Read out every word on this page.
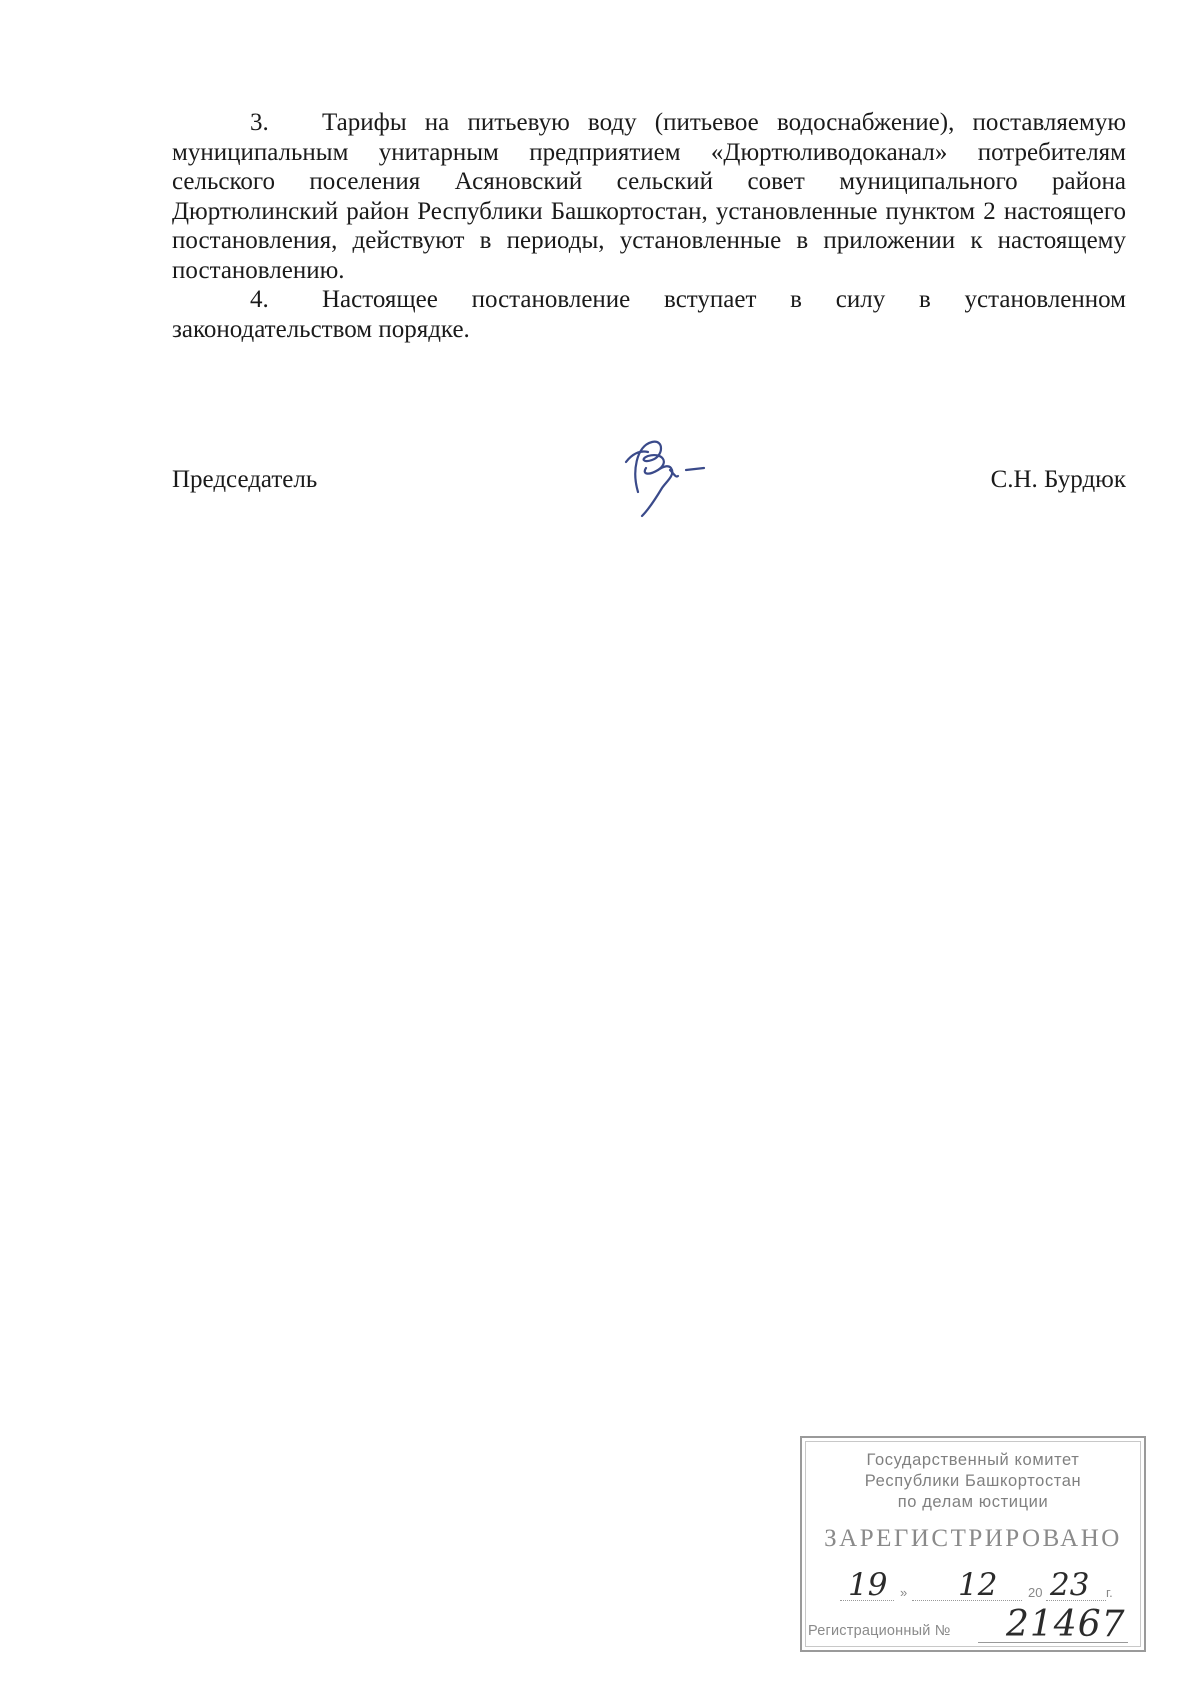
3. Тарифы на питьевую воду (питьевое водоснабжение), поставляемую муниципальным унитарным предприятием «Дюртюливодоканал» потребителям сельского поселения Асяновский сельский совет муниципального района Дюртюлинский район Республики Башкортостан, установленные пунктом 2 настоящего постановления, действуют в периоды, установленные в приложении к настоящему постановлению.

4. Настоящее постановление вступает в силу в установленном законодательством порядке.

Председатель	С.Н. Бурдюк
Государственный комитет
Республики Башкортостан
по делам юстиции
ЗАРЕГИСТРИРОВАНО
19 » 12 20 23 г.
Регистрационный № 21467
